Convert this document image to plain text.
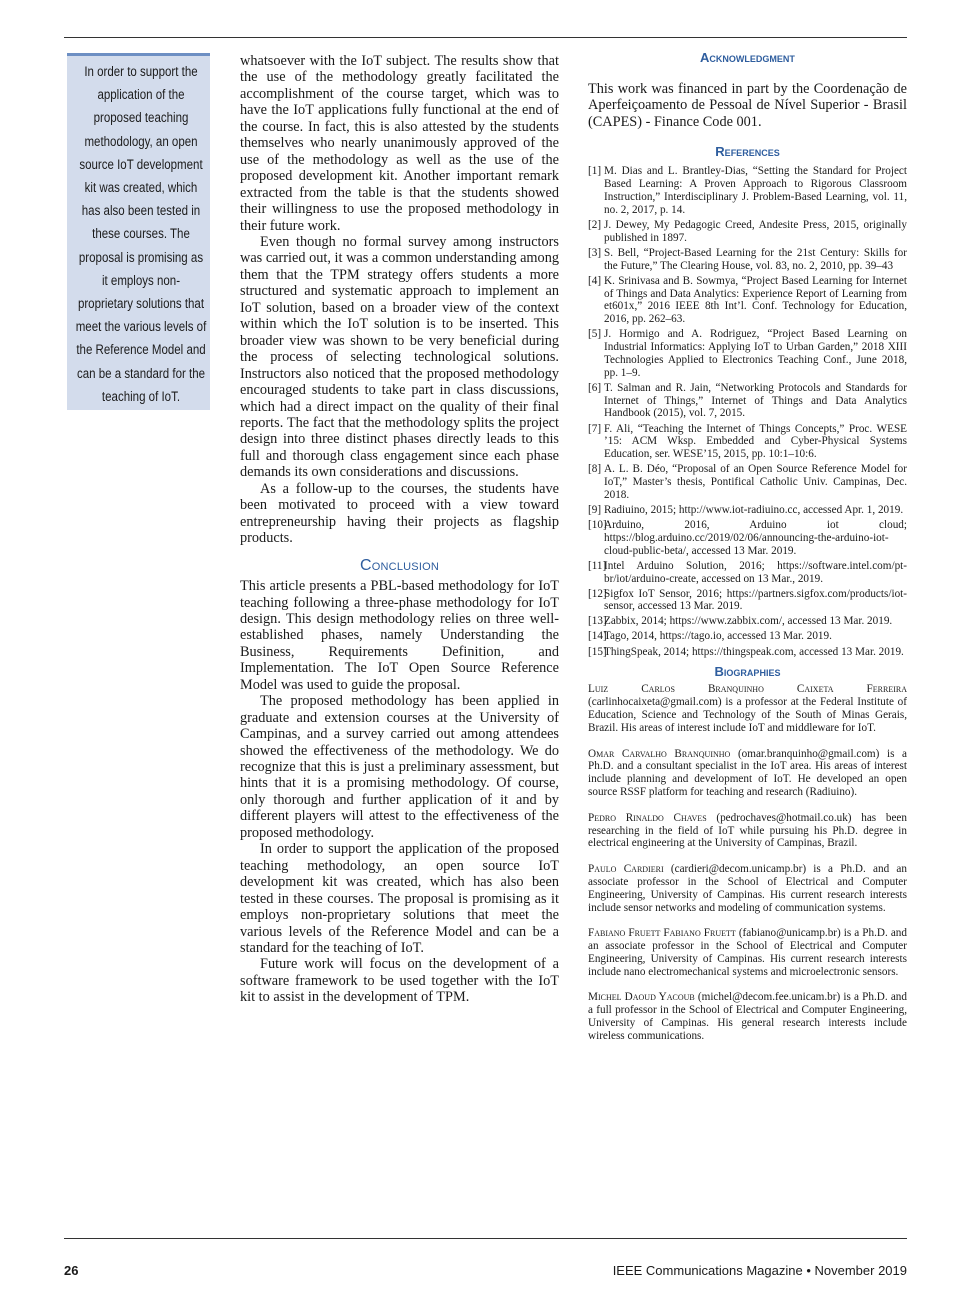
In order to support the application of the proposed teaching methodology, an open source IoT development kit was created, which has also been tested in these courses. The proposal is promising as it employs non-proprietary solutions that meet the various levels of the Reference Model and can be a standard for the teaching of IoT.

whatsoever with the IoT subject. The results show that the use of the methodology greatly facilitated the accomplishment of the course target, which was to have the IoT applications fully functional at the end of the course. In fact, this is also attested by the students themselves who nearly unanimously approved of the use of the methodology as well as the use of the proposed development kit. Another important remark extracted from the table is that the students showed their willingness to use the proposed methodology in their future work.

Even though no formal survey among instructors was carried out, it was a common understanding among them that the TPM strategy offers students a more structured and systematic approach to implement an IoT solution, based on a broader view of the context within which the IoT solution is to be inserted. This broader view was shown to be very beneficial during the process of selecting technological solutions. Instructors also noticed that the proposed methodology encouraged students to take part in class discussions, which had a direct impact on the quality of their final reports. The fact that the methodology splits the project design into three distinct phases directly leads to this full and thorough class engagement since each phase demands its own considerations and discussions.

As a follow-up to the courses, the students have been motivated to proceed with a view toward entrepreneurship having their projects as flagship products.

Conclusion

This article presents a PBL-based methodology for IoT teaching following a three-phase methodology for IoT design. This design methodology relies on three well-established phases, namely Understanding the Business, Requirements Definition, and Implementation. The IoT Open Source Reference Model was used to guide the proposal.

The proposed methodology has been applied in graduate and extension courses at the University of Campinas, and a survey carried out among attendees showed the effectiveness of the methodology. We do recognize that this is just a preliminary assessment, but hints that it is a promising methodology. Of course, only thorough and further application of it and by different players will attest to the effectiveness of the proposed methodology.

In order to support the application of the proposed teaching methodology, an open source IoT development kit was created, which has also been tested in these courses. The proposal is promising as it employs non-proprietary solutions that meet the various levels of the Reference Model and can be a standard for the teaching of IoT.

Future work will focus on the development of a software framework to be used together with the IoT kit to assist in the development of TPM.

Acknowledgment

This work was financed in part by the Coordenação de Aperfeiçoamento de Pessoal de Nível Superior - Brasil (CAPES) - Finance Code 001.

References
[1] M. Dias and L. Brantley-Dias, “Setting the Standard for Project Based Learning: A Proven Approach to Rigorous Classroom Instruction,” Interdisciplinary J. Problem-Based Learning, vol. 11, no. 2, 2017, p. 14.
[2] J. Dewey, My Pedagogic Creed, Andesite Press, 2015, originally published in 1897.
[3] S. Bell, “Project-Based Learning for the 21st Century: Skills for the Future,” The Clearing House, vol. 83, no. 2, 2010, pp. 39–43
[4] K. Srinivasa and B. Sowmya, “Project Based Learning for Internet of Things and Data Analytics: Experience Report of Learning from et601x,” 2016 IEEE 8th Int’l. Conf. Technology for Education, 2016, pp. 262–63.
[5] J. Hormigo and A. Rodriguez, “Project Based Learning on Industrial Informatics: Applying IoT to Urban Garden,” 2018 XIII Technologies Applied to Electronics Teaching Conf., June 2018, pp. 1–9.
[6] T. Salman and R. Jain, “Networking Protocols and Standards for Internet of Things,” Internet of Things and Data Analytics Handbook (2015), vol. 7, 2015.
[7] F. Ali, “Teaching the Internet of Things Concepts,” Proc. WESE ’15: ACM Wksp. Embedded and Cyber-Physical Systems Education, ser. WESE’15, 2015, pp. 10:1–10:6.
[8] A. L. B. Déo, “Proposal of an Open Source Reference Model for IoT,” Master’s thesis, Pontifical Catholic Univ. Campinas, Dec. 2018.
[9] Radiuino, 2015; http://www.iot-radiuino.cc, accessed Apr. 1, 2019.
[10]
Arduino, 2016, Arduino iot cloud; https://blog.arduino.cc/2019/02/06/announcing-the-arduino-iot-cloud-public-beta/, accessed 13 Mar. 2019.
[11]
Intel Arduino Solution, 2016; https://software.intel.com/pt-br/iot/arduino-create, accessed on 13 Mar., 2019.
[12]
Sigfox IoT Sensor, 2016; https://partners.sigfox.com/products/iot-sensor, accessed 13 Mar. 2019.
[13]
Zabbix, 2014; https://www.zabbix.com/, accessed 13 Mar. 2019.
[14]
Tago, 2014, https://tago.io, accessed 13 Mar. 2019.
[15]
ThingSpeak, 2014; https://thingspeak.com, accessed 13 Mar. 2019.
Biographies

Luiz Carlos Branquinho Caixeta Ferreira (carlinhocaixeta@gmail.com) is a professor at the Federal Institute of Education, Science and Technology of the South of Minas Gerais, Brazil. His areas of interest include IoT and middleware for IoT.

Omar Carvalho Branquinho (omar.branquinho@gmail.com) is a Ph.D. and a consultant specialist in the IoT area. His areas of interest include planning and development of IoT. He developed an open source RSSF platform for teaching and research (Radiuino).

Pedro Rinaldo Chaves (pedrochaves@hotmail.co.uk) has been researching in the field of IoT while pursuing his Ph.D. degree in electrical engineering at the University of Campinas, Brazil.

Paulo Cardieri (cardieri@decom.unicamp.br) is a Ph.D. and an associate professor in the School of Electrical and Computer Engineering, University of Campinas. His current research interests include sensor networks and modeling of communication systems.

Fabiano Fruett Fabiano Fruett (fabiano@unicamp.br) is a Ph.D. and an associate professor in the School of Electrical and Computer Engineering, University of Campinas. His current research interests include nano electromechanical systems and microelectronic sensors.

Michel Daoud Yacoub (michel@decom.fee.unicam.br) is a Ph.D. and a full professor in the School of Electrical and Computer Engineering, University of Campinas. His general research interests include wireless communications.

26	IEEE Communications Magazine • November 2019
